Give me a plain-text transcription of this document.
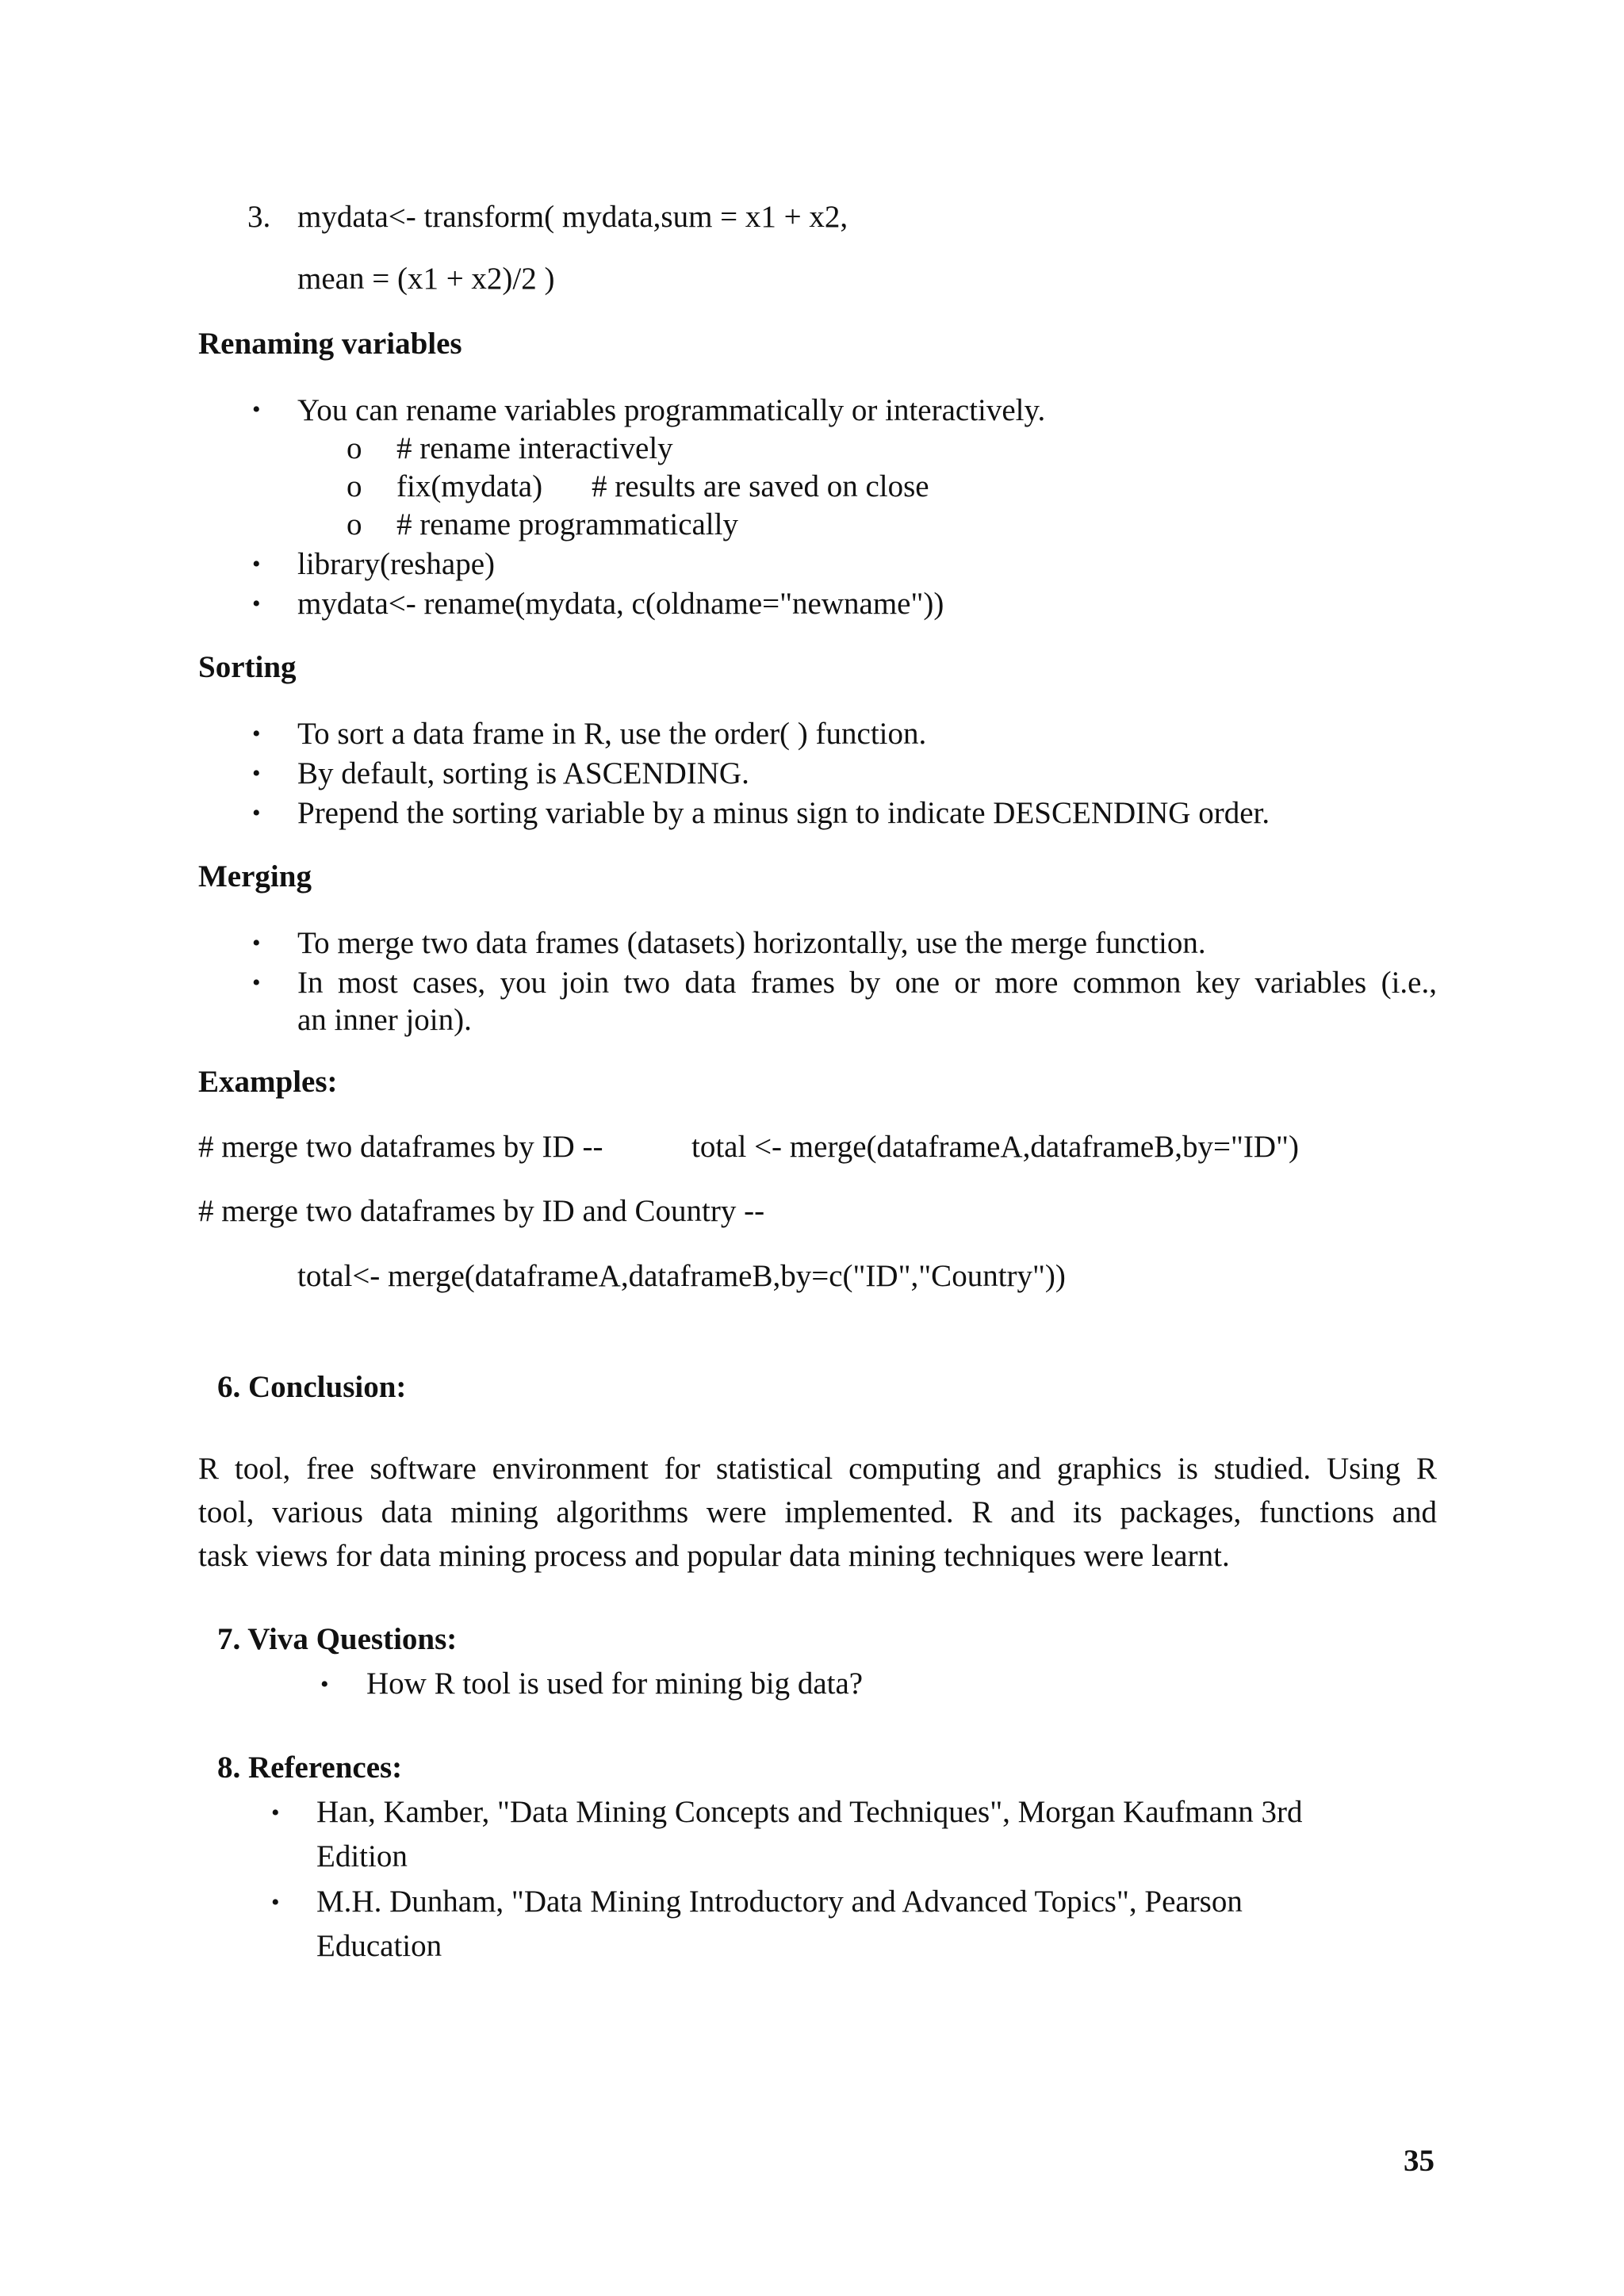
3. mydata<- transform( mydata,sum = x1 + x2,
mean = (x1 + x2)/2 )
Renaming variables
• You can rename variables programmatically or interactively.
o # rename interactively
o fix(mydata) # results are saved on close
o # rename programmatically
• library(reshape)
• mydata<- rename(mydata, c(oldname="newname"))
Sorting
• To sort a data frame in R, use the order( ) function.
• By default, sorting is ASCENDING.
• Prepend the sorting variable by a minus sign to indicate DESCENDING order.
Merging
• To merge two data frames (datasets) horizontally, use the merge function.
• In most cases, you join two data frames by one or more common key variables (i.e.,
an inner join).
Examples:
# merge two dataframes by ID --	total <- merge(dataframeA,dataframeB,by="ID")
# merge two dataframes by ID and Country --
total<- merge(dataframeA,dataframeB,by=c("ID","Country"))
6. Conclusion:
R tool, free software environment for statistical computing and graphics is studied. Using R
tool, various data mining algorithms were implemented. R and its packages, functions and
task views for data mining process and popular data mining techniques were learnt.
7. Viva Questions:
• How R tool is used for mining big data?
8. References:
• Han, Kamber, "Data Mining Concepts and Techniques", Morgan Kaufmann 3rd
Edition
• M.H. Dunham, "Data Mining Introductory and Advanced Topics", Pearson
Education
35
